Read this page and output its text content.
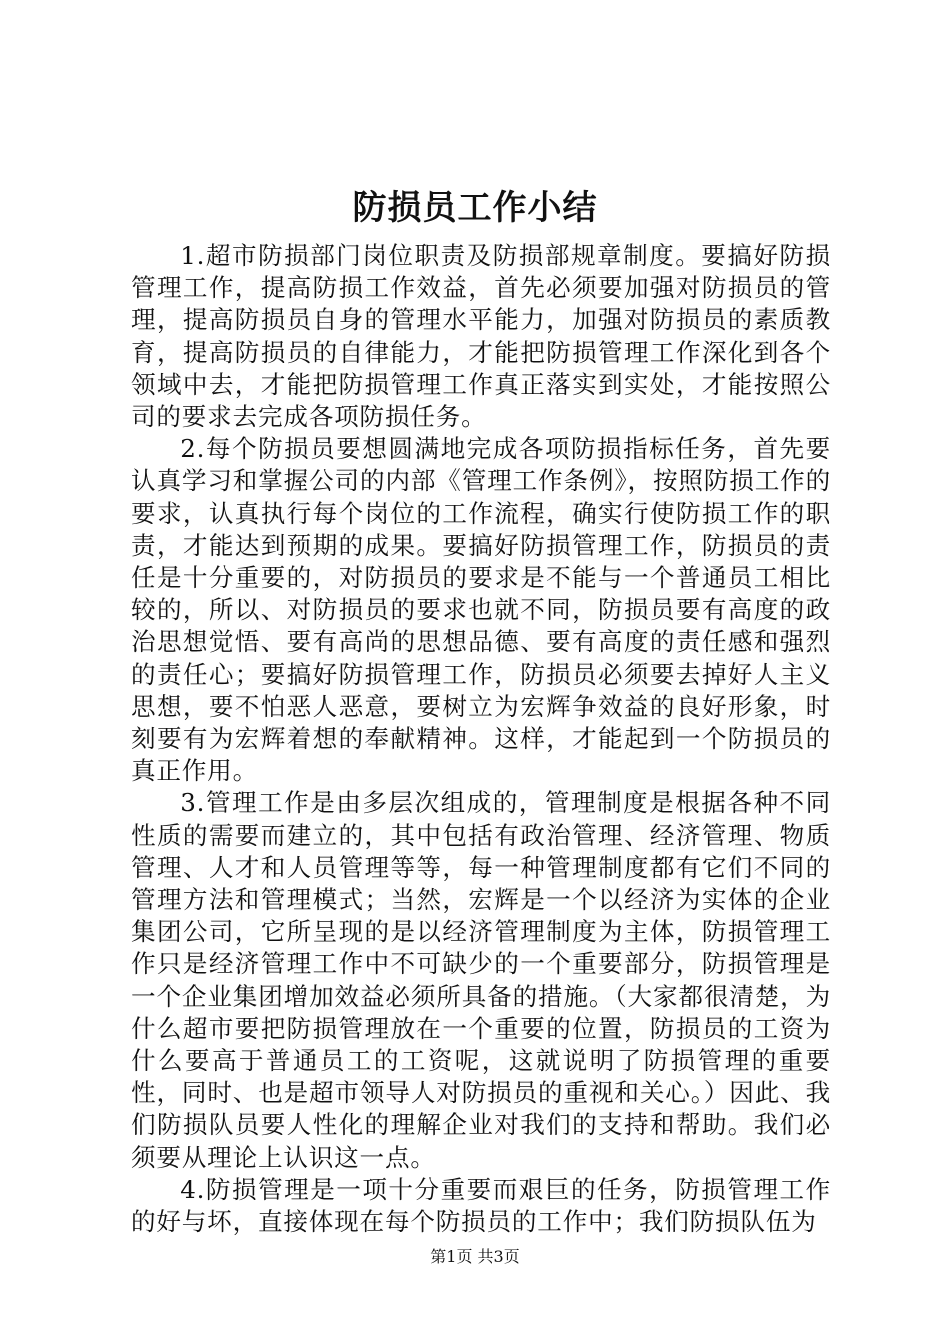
防损员工作小结

1.超市防损部门岗位职责及防损部规章制度。要搞好防损管理工作，提高防损工作效益，首先必须要加强对防损员的管理，提高防损员自身的管理水平能力，加强对防损员的素质教育，提高防损员的自律能力，才能把防损管理工作深化到各个领域中去，才能把防损管理工作真正落实到实处，才能按照公司的要求去完成各项防损任务。

2.每个防损员要想圆满地完成各项防损指标任务，首先要认真学习和掌握公司的内部《管理工作条例》，按照防损工作的要求，认真执行每个岗位的工作流程，确实行使防损工作的职责，才能达到预期的成果。要搞好防损管理工作，防损员的责任是十分重要的，对防损员的要求是不能与一个普通员工相比较的，所以、对防损员的要求也就不同，防损员要有高度的政治思想觉悟、要有高尚的思想品德、要有高度的责任感和强烈的责任心；要搞好防损管理工作，防损员必须要去掉好人主义思想，要不怕恶人恶意，要树立为宏辉争效益的良好形象，时刻要有为宏辉着想的奉献精神。这样，才能起到一个防损员的真正作用。

3.管理工作是由多层次组成的，管理制度是根据各种不同性质的需要而建立的，其中包括有政治管理、经济管理、物质管理、人才和人员管理等等，每一种管理制度都有它们不同的管理方法和管理模式；当然，宏辉是一个以经济为实体的企业集团公司，它所呈现的是以经济管理制度为主体，防损管理工作只是经济管理工作中不可缺少的一个重要部分，防损管理是一个企业集团增加效益必须所具备的措施。（大家都很清楚，为什么超市要把防损管理放在一个重要的位置，防损员的工资为什么要高于普通员工的工资呢，这就说明了防损管理的重要性，同时、也是超市领导人对防损员的重视和关心。）因此、我们防损队员要人性化的理解企业对我们的支持和帮助。我们必须要从理论上认识这一点。

4.防损管理是一项十分重要而艰巨的任务，防损管理工作的好与坏，直接体现在每个防损员的工作中；我们防损队伍为

第1页 共3页
